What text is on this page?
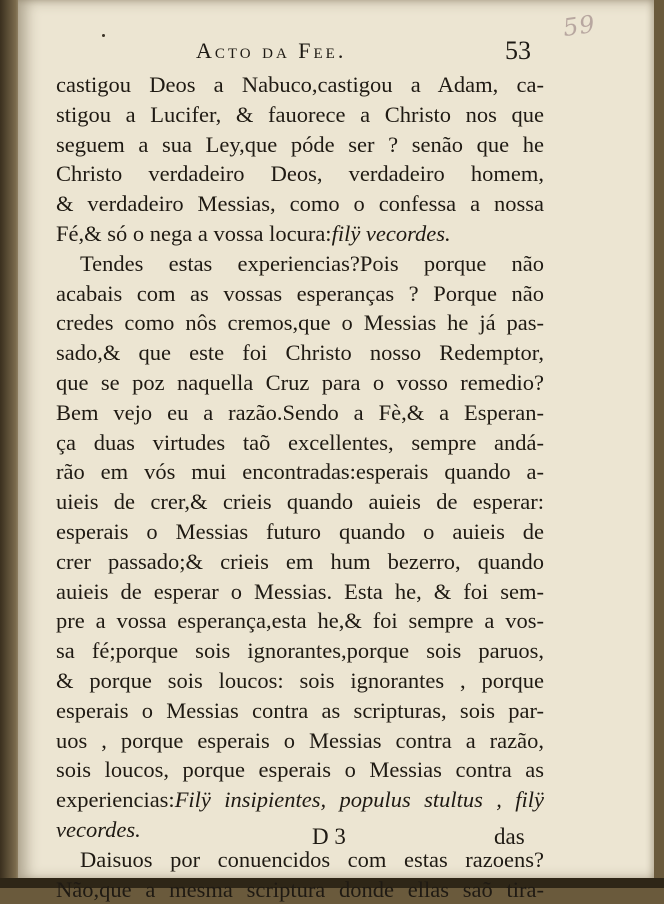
Acto da Fee.	53
59
castigou Deos a Nabuco,castigou a Adam, ca-
stigou a Lucifer, & fauorece a Christo nos que
seguem a sua Ley,que póde ser ? senão que he
Christo verdadeiro Deos, verdadeiro homem,
& verdadeiro Messias, como o confessa a nossa
Fé,& só o nega a vossa locura:filÿ vecordes.
Tendes estas experiencias?Pois porque não
acabais com as vossas esperanças ? Porque não
credes como nôs cremos,que o Messias he já pas-
sado,& que este foi Christo nosso Redemptor,
que se poz naquella Cruz para o vosso remedio?
Bem vejo eu a razão.Sendo a Fè,& a Esperan-
ça duas virtudes taõ excellentes, sempre andá-
rão em vós mui encontradas:esperais quando a-
uieis de crer,& crieis quando auieis de esperar:
esperais o Messias futuro quando o auieis de
crer passado;& crieis em hum bezerro, quando
auieis de esperar o Messias. Esta he, & foi sem-
pre a vossa esperança,esta he,& foi sempre a vos-
sa fé;porque sois ignorantes,porque sois paruos,
& porque sois loucos: sois ignorantes , porque
esperais o Messias contra as scripturas, sois par-
uos , porque esperais o Messias contra a razão,
sois loucos, porque esperais o Messias contra as
experiencias:Filÿ insipientes, populus stultus , filÿ
vecordes.
Daisuos por conuencidos com estas razoens?
Não,que a mesma scriptura donde ellas saõ tira-
D 3	das
